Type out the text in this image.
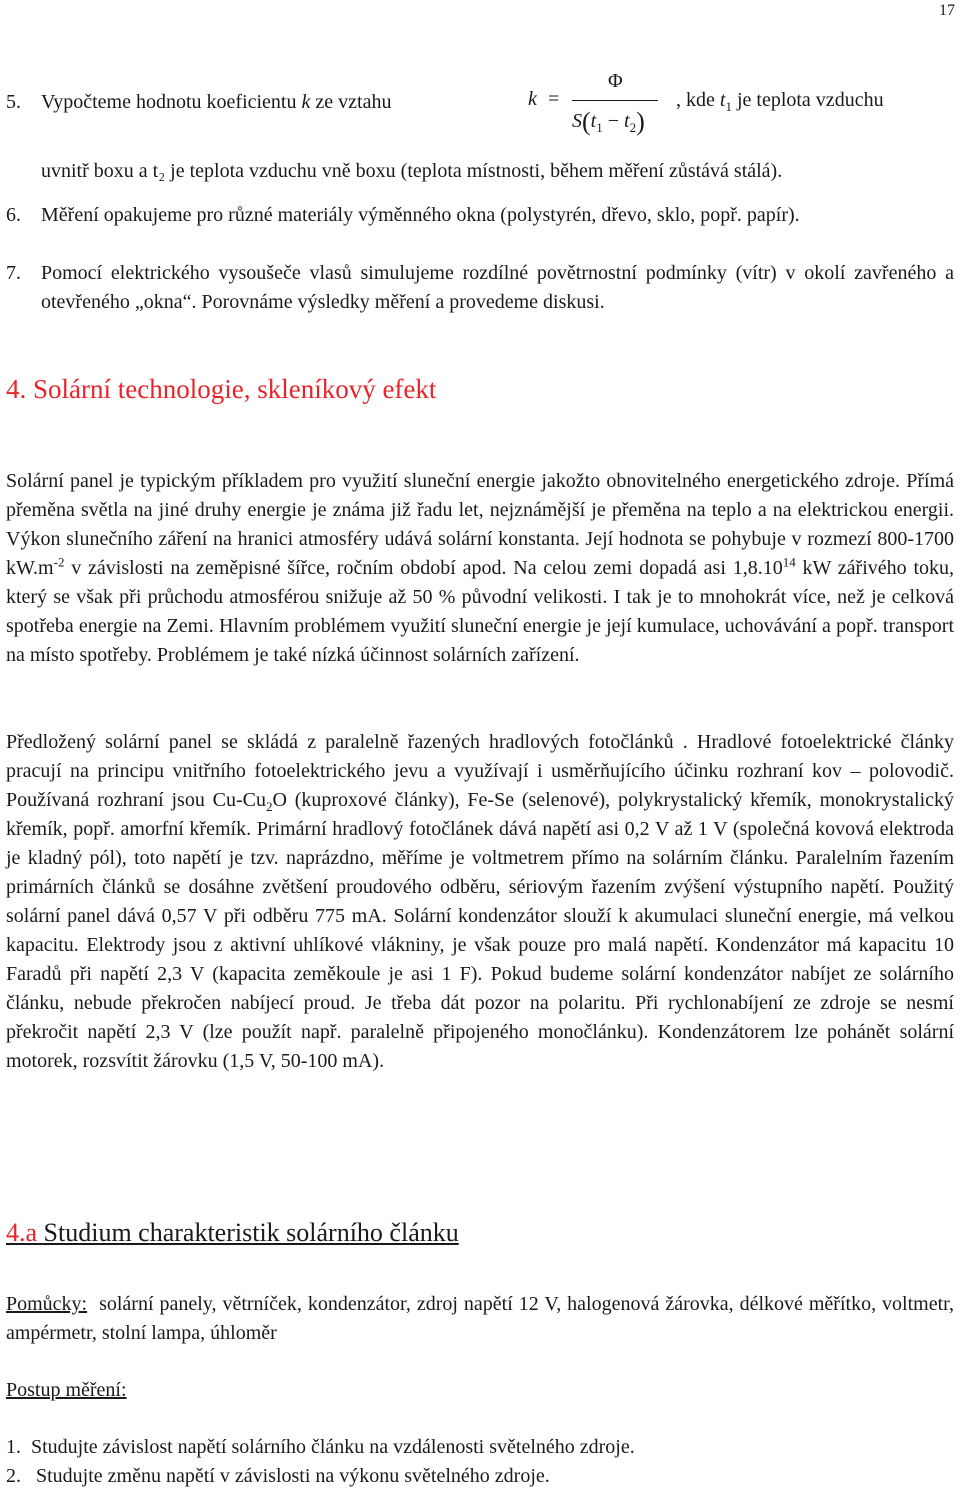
17
5. Vypočteme hodnotu koeficientu k ze vztahu
uvnitř boxu a t₂ je teplota vzduchu vně boxu (teplota místnosti, během měření zůstává stálá).
k =
Φ
$S(t_1 - t_2)$
, kde $t_1$ je teplota vzduchu
6. Měření opakujeme pro různé materiály výměnného okna (polystyrén, dřevo, sklo, popř. papír).
7. Pomocí elektrického vysoušeče vlasů simulujeme rozdílné povětrnostní podmínky (vítr) v okolí zavřeného a otevřeného „okna“. Porovnáme výsledky měření a provedeme diskusi.
4. Solární technologie, skleníkový efekt

Solární panel je typickým příkladem pro využití sluneční energie jakožto obnovitelného energetického zdroje. Přímá přeměna světla na jiné druhy energie je známa již řadu let, nejznámější je přeměna na teplo a na elektrickou energii. Výkon slunečního záření na hranici atmosféry udává solární konstanta. Její hodnota se pohybuje v rozmezí 800-1700 $kW.m^{-2}$ v závislosti na zeměpisné šířce, ročním období apod. Na celou zemi dopadá asi 1,8.10$^{14}$ kW zářivého toku, který se však při průchodu atmosférou snižuje až 50 % původní velikosti. I tak je to mnohokrát více, než je celková spotřeba energie na Zemi. Hlavním problémem využití sluneční energie je její kumulace, uchovávání a popř. transport na místo spotřeby. Problémem je také nízká účinnost solárních zařízení.

Předložený solární panel se skládá z paralelně řazených hradlových fotočlánků . Hradlové fotoelektrické články pracují na principu vnitřního fotoelektrického jevu a využívají i usměrňujícího účinku rozhraní kov – polovodič. Používaná rozhraní jsou $Cu-Cu_2O$ (kuproxové články), Fe-Se (selenové), polykrystalický křemík, monokrystalický křemík, popř. amorfní křemík. Primární hradlový fotočlánek dává napětí asi 0,2 V až 1 V (společná kovová elektroda je kladný pól), toto napětí je tzv. naprázdno, měříme je voltmetrem přímo na solárním článku. Paralelním řazením primárních článků se dosáhne zvětšení proudového odběru, sériovým řazením zvýšení výstupního napětí. Použitý solární panel dává 0,57 V při odběru 775 mA. Solární kondenzátor slouží k akumulaci sluneční energie, má velkou kapacitu. Elektrody jsou z aktivní uhlíkové vlákniny, je však pouze pro malá napětí. Kondenzátor má kapacitu 10 Faradů při napětí 2,3 V (kapacita zeměkoule je asi 1 F). Pokud budeme solární kondenzátor nabíjet ze solárního článku, nebude překročen nabíjecí proud. Je třeba dát pozor na polaritu. Při rychlonabíjení ze zdroje se nesmí překročit napětí 2,3 V (lze použít např. paralelně připojeného monočlánku). Kondenzátorem lze pohánět solární motorek, rozsvítit žárovku (1,5 V, 50-100 mA).

4.a Studium charakteristik solárního článku

Pomůcky: solární panely, větrníček, kondenzátor, zdroj napětí 12 V, halogenová žárovka, délkové měřítko, voltmetr, ampérmetr, stolní lampa, úhloměr

Postup měření:
1. Studujte závislost napětí solárního článku na vzdálenosti světelného zdroje.
2. Studujte změnu napětí v závislosti na výkonu světelného zdroje.
